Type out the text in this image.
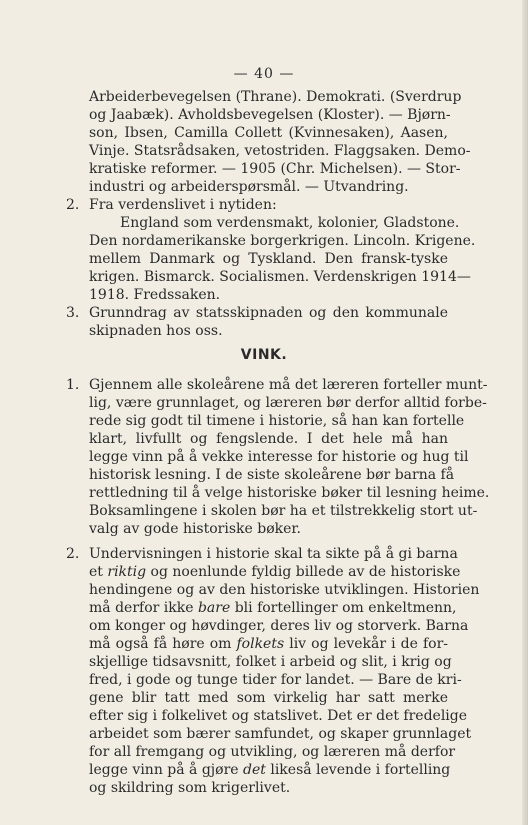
— 40 —
Arbeiderbevegelsen (Thrane). Demokrati. (Sverdrup
og Jaabæk). Avholdsbevegelsen (Kloster). — Bjørn-
son, Ibsen, Camilla Collett (Kvinnesaken), Aasen,
Vinje. Statsrådsaken, vetostriden. Flaggsaken. Demo-
kratiske reformer. — 1905 (Chr. Michelsen). — Stor-
industri og arbeiderspørsmål. — Utvandring.
2. Fra verdenslivet i nytiden:
England som verdensmakt, kolonier, Gladstone.
Den nordamerikanske borgerkrigen. Lincoln. Krigene.
mellem Danmark og Tyskland. Den fransk-tyske
krigen. Bismarck. Socialismen. Verdenskrigen 1914—
1918. Fredssaken.
3. Grunndrag av statsskipnaden og den kommunale
skipnaden hos oss.
VINK.
1. Gjennem alle skoleårene må det læreren forteller munt-
lig, være grunnlaget, og læreren bør derfor alltid forbe-
rede sig godt til timene i historie, så han kan fortelle
klart, livfullt og fengslende. I det hele må han
legge vinn på å vekke interesse for historie og hug til
historisk lesning. I de siste skoleårene bør barna få
rettledning til å velge historiske bøker til lesning heime.
Boksamlingene i skolen bør ha et tilstrekkelig stort ut-
valg av gode historiske bøker.
2. Undervisningen i historie skal ta sikte på å gi barna
et riktig og noenlunde fyldig billede av de historiske
hendingene og av den historiske utviklingen. Historien
må derfor ikke bare bli fortellinger om enkeltmenn,
om konger og høvdinger, deres liv og storverk. Barna
må også få høre om folkets liv og levekår i de for-
skjellige tidsavsnitt, folket i arbeid og slit, i krig og
fred, i gode og tunge tider for landet. — Bare de kri-
gene blir tatt med som virkelig har satt merke
efter sig i folkelivet og statslivet. Det er det fredelige
arbeidet som bærer samfundet, og skaper grunnlaget
for all fremgang og utvikling, og læreren må derfor
legge vinn på å gjøre det likeså levende i fortelling
og skildring som krigerlivet.
